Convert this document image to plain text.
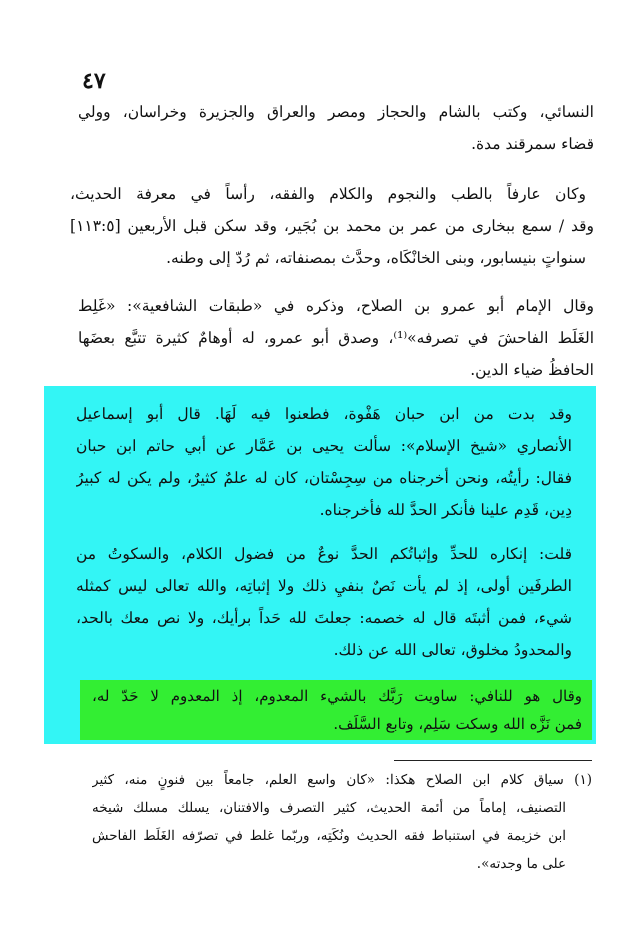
٤٧
النسائي، وكتب بالشام والحجاز ومصر والعراق والجزيرة وخراسان، وولي
قضاء سمرقند مدة.
وكان عارفاً بالطب والنجوم والكلام والفقه، رأساً في معرفة الحديث،
وقد / سمع ببخارى من عمر بن محمد بن بُجَير، وقد سكن قبل الأربعين [١١٣:٥]
سنواتٍ بنيسابور، وبنى الخانْكَاه، وحدَّث بمصنفاته، ثم رُدّ إلى وطنه.
وقال الإمام أبو عمرو بن الصلاح، وذكره في «طبقات الشافعية»: «غَلِط
الغَلَط الفاحشَ في تصرفه»⁽¹⁾، وصدق أبو عمرو، له أوهامٌ كثيرة تتبَّع بعضَها
الحافظُ ضياء الدين.
وقد بدت من ابن حبان هَفْوة، فطعنوا فيه لَهَا. قال أبو إسماعيل
الأنصاري «شيخ الإسلام»: سألت يحيى بن عَمَّار عن أبي حاتم ابن حبان
فقال: رأيتُه، ونحن أخرجناه من سِجِسْتان، كان له علمٌ كثيرٌ، ولم يكن له كبيرُ
دِين، قَدِم علينا فأنكر الحدَّ لله فأخرجناه.
قلت: إنكاره للحدِّ وإثباتُكم الحدَّ نوعٌ من فضول الكلام، والسكوتُ من
الطرفَين أولى، إذ لم يأت نَصٌ بنفيِ ذلك ولا إثباتِه، والله تعالى ليس كمثله
شيء، فمن أثبتَه قال له خصمه: جعلتَ لله حَداً برأيك، ولا نص معك بالحد،
والمحدودُ مخلوق، تعالى الله عن ذلك.
وقال هو للنافي: ساويت رَبَّك بالشيء المعدوم، إذ المعدوم لا حَدّ له،
فمن نَزَّه الله وسكت سَلِم، وتابع السَّلَف.
(١) سياق كلام ابن الصلاح هكذا: «كان واسع العلم، جامعاً بين فنونٍ منه، كثير
التصنيف، إماماً من أئمة الحديث، كثير التصرف والافتنان، يسلك مسلك شيخه
ابن خزيمة في استنباط فقه الحديث ونُكَتِه، وربّما غلط في تصرّفه الغَلَط الفاحش
على ما وجدته».
